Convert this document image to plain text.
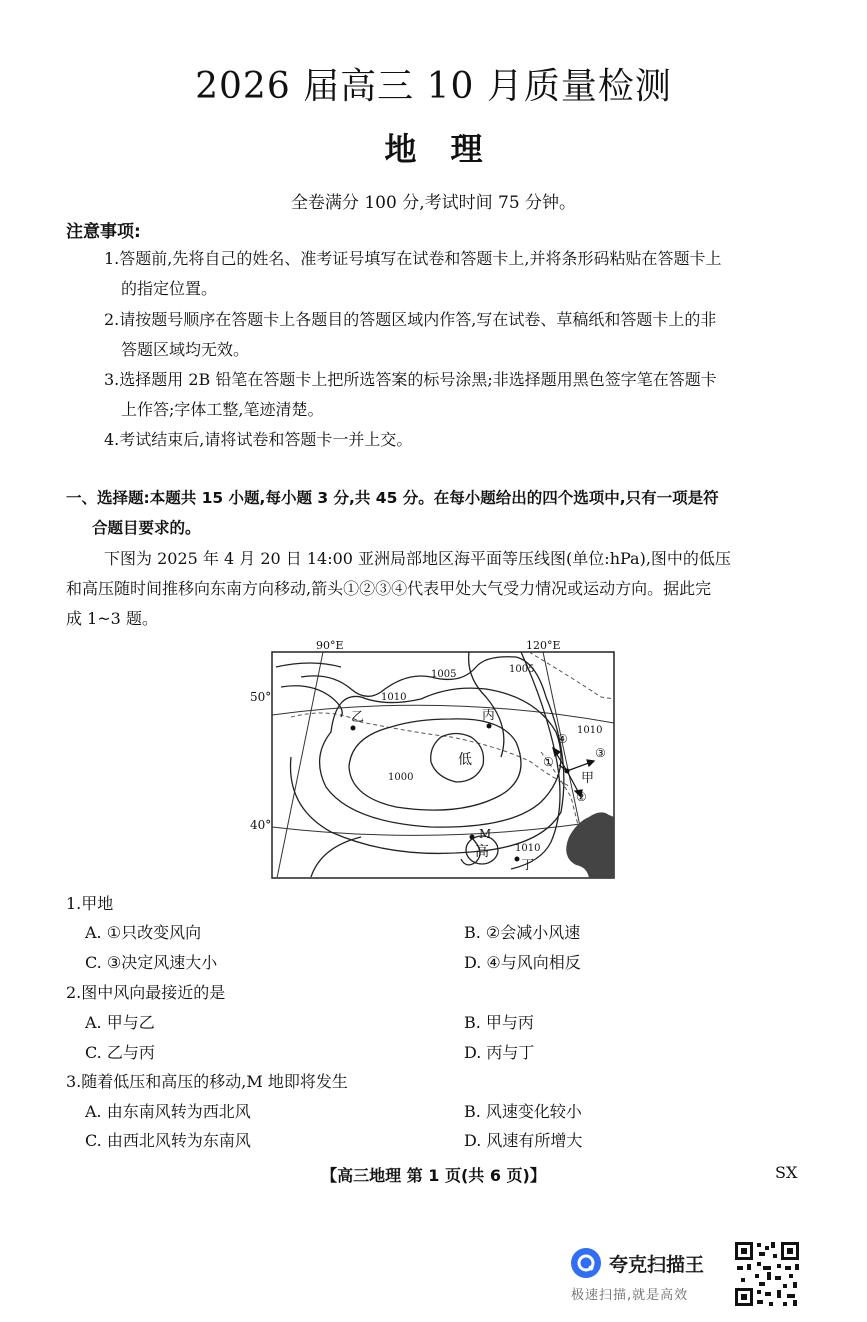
2026 届高三 10 月质量检测
地理
全卷满分 100 分,考试时间 75 分钟。
注意事项:
1.答题前,先将自己的姓名、准考证号填写在试卷和答题卡上,并将条形码粘贴在答题卡上
的指定位置。
2.请按题号顺序在答题卡上各题目的答题区域内作答,写在试卷、草稿纸和答题卡上的非
答题区域均无效。
3.选择题用 2B 铅笔在答题卡上把所选答案的标号涂黑;非选择题用黑色签字笔在答题卡
上作答;字体工整,笔迹清楚。
4.考试结束后,请将试卷和答题卡一并上交。
一、选择题:本题共 15 小题,每小题 3 分,共 45 分。在每小题给出的四个选项中,只有一项是符
合题目要求的。
下图为 2025 年 4 月 20 日 14:00 亚洲局部地区海平面等压线图(单位:hPa),图中的低压
和高压随时间推移向东南方向移动,箭头①②③④代表甲处大气受力情况或运动方向。据此完
成 1~3 题。
90°E	120°E
1005	1005
1010
1000
1010
1010
低
高
乙	丙
M
丁
甲
①
②
③
④
50°
40°
1.甲地
A. ①只改变风向	B. ②会减小风速
C. ③决定风速大小	D. ④与风向相反
2.图中风向最接近的是
A. 甲与乙	B. 甲与丙
C. 乙与丙	D. 丙与丁
3.随着低压和高压的移动,M 地即将发生
A. 由东南风转为西北风	B. 风速变化较小
C. 由西北风转为东南风	D. 风速有所增大
【高三地理 第 1 页(共 6 页)】	SX
夸克扫描王
极速扫描,就是高效
